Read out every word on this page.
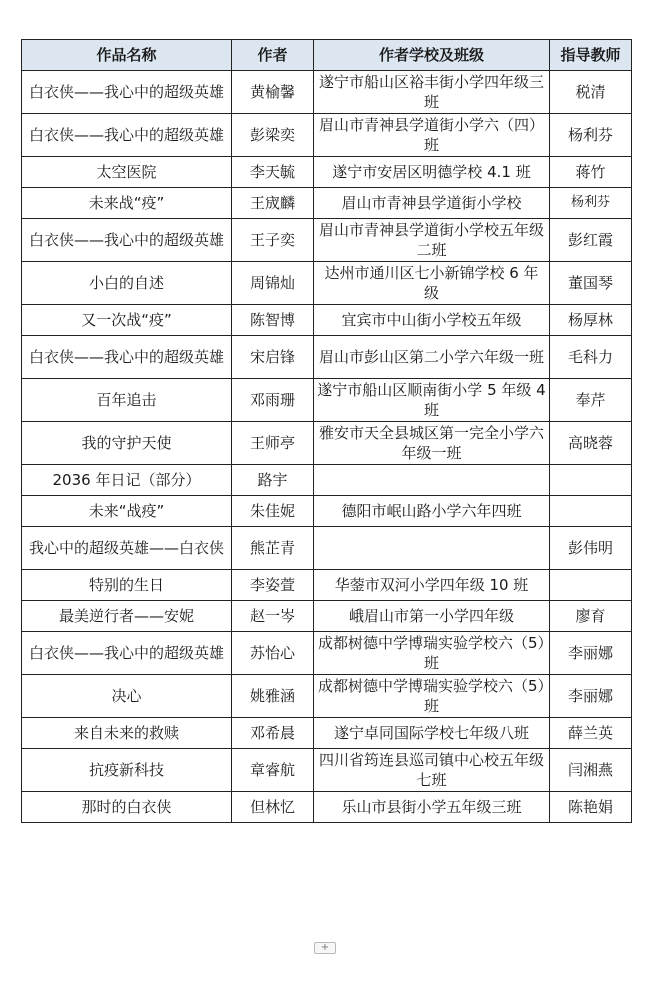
作品名称	作者	作者学校及班级	指导教师
白衣侠——我心中的超级英雄	黄榆馨	遂宁市船山区裕丰街小学四年级三班	税清
白衣侠——我心中的超级英雄	彭梁奕	眉山市青神县学道街小学六（四）班	杨利芬
太空医院	李天毓	遂宁市安居区明德学校 4.1 班	蒋竹
未来战“疫”	王宬麟	眉山市青神县学道街小学校	杨利芬
白衣侠——我心中的超级英雄	王子奕	眉山市青神县学道街小学校五年级二班	彭红霞
小白的自述	周锦灿	达州市通川区七小新锦学校 6 年级	董国琴
又一次战“疫”	陈智博	宜宾市中山街小学校五年级	杨厚林
白衣侠——我心中的超级英雄	宋启锋	眉山市彭山区第二小学六年级一班	毛科力
百年追击	邓雨珊	遂宁市船山区顺南街小学 5 年级 4 班	奉芹
我的守护天使	王师亭	雅安市天全县城区第一完全小学六年级一班	高晓蓉
2036 年日记（部分）	路宇		
未来“战疫”	朱佳妮	德阳市岷山路小学六年四班	
我心中的超级英雄——白衣侠	熊芷青		彭伟明
特别的生日	李姿萱	华蓥市双河小学四年级 10 班	
最美逆行者——安妮	赵一岑	峨眉山市第一小学四年级	廖育
白衣侠——我心中的超级英雄	苏怡心	成都树德中学博瑞实验学校六（5）班	李丽娜
决心	姚雅涵	成都树德中学博瑞实验学校六（5）班	李丽娜
来自未来的救赎	邓希晨	遂宁卓同国际学校七年级八班	薛兰英
抗疫新科技	章睿航	四川省筠连县巡司镇中心校五年级七班	闫湘燕
那时的白衣侠	但林忆	乐山市县街小学五年级三班	陈艳娟
+
